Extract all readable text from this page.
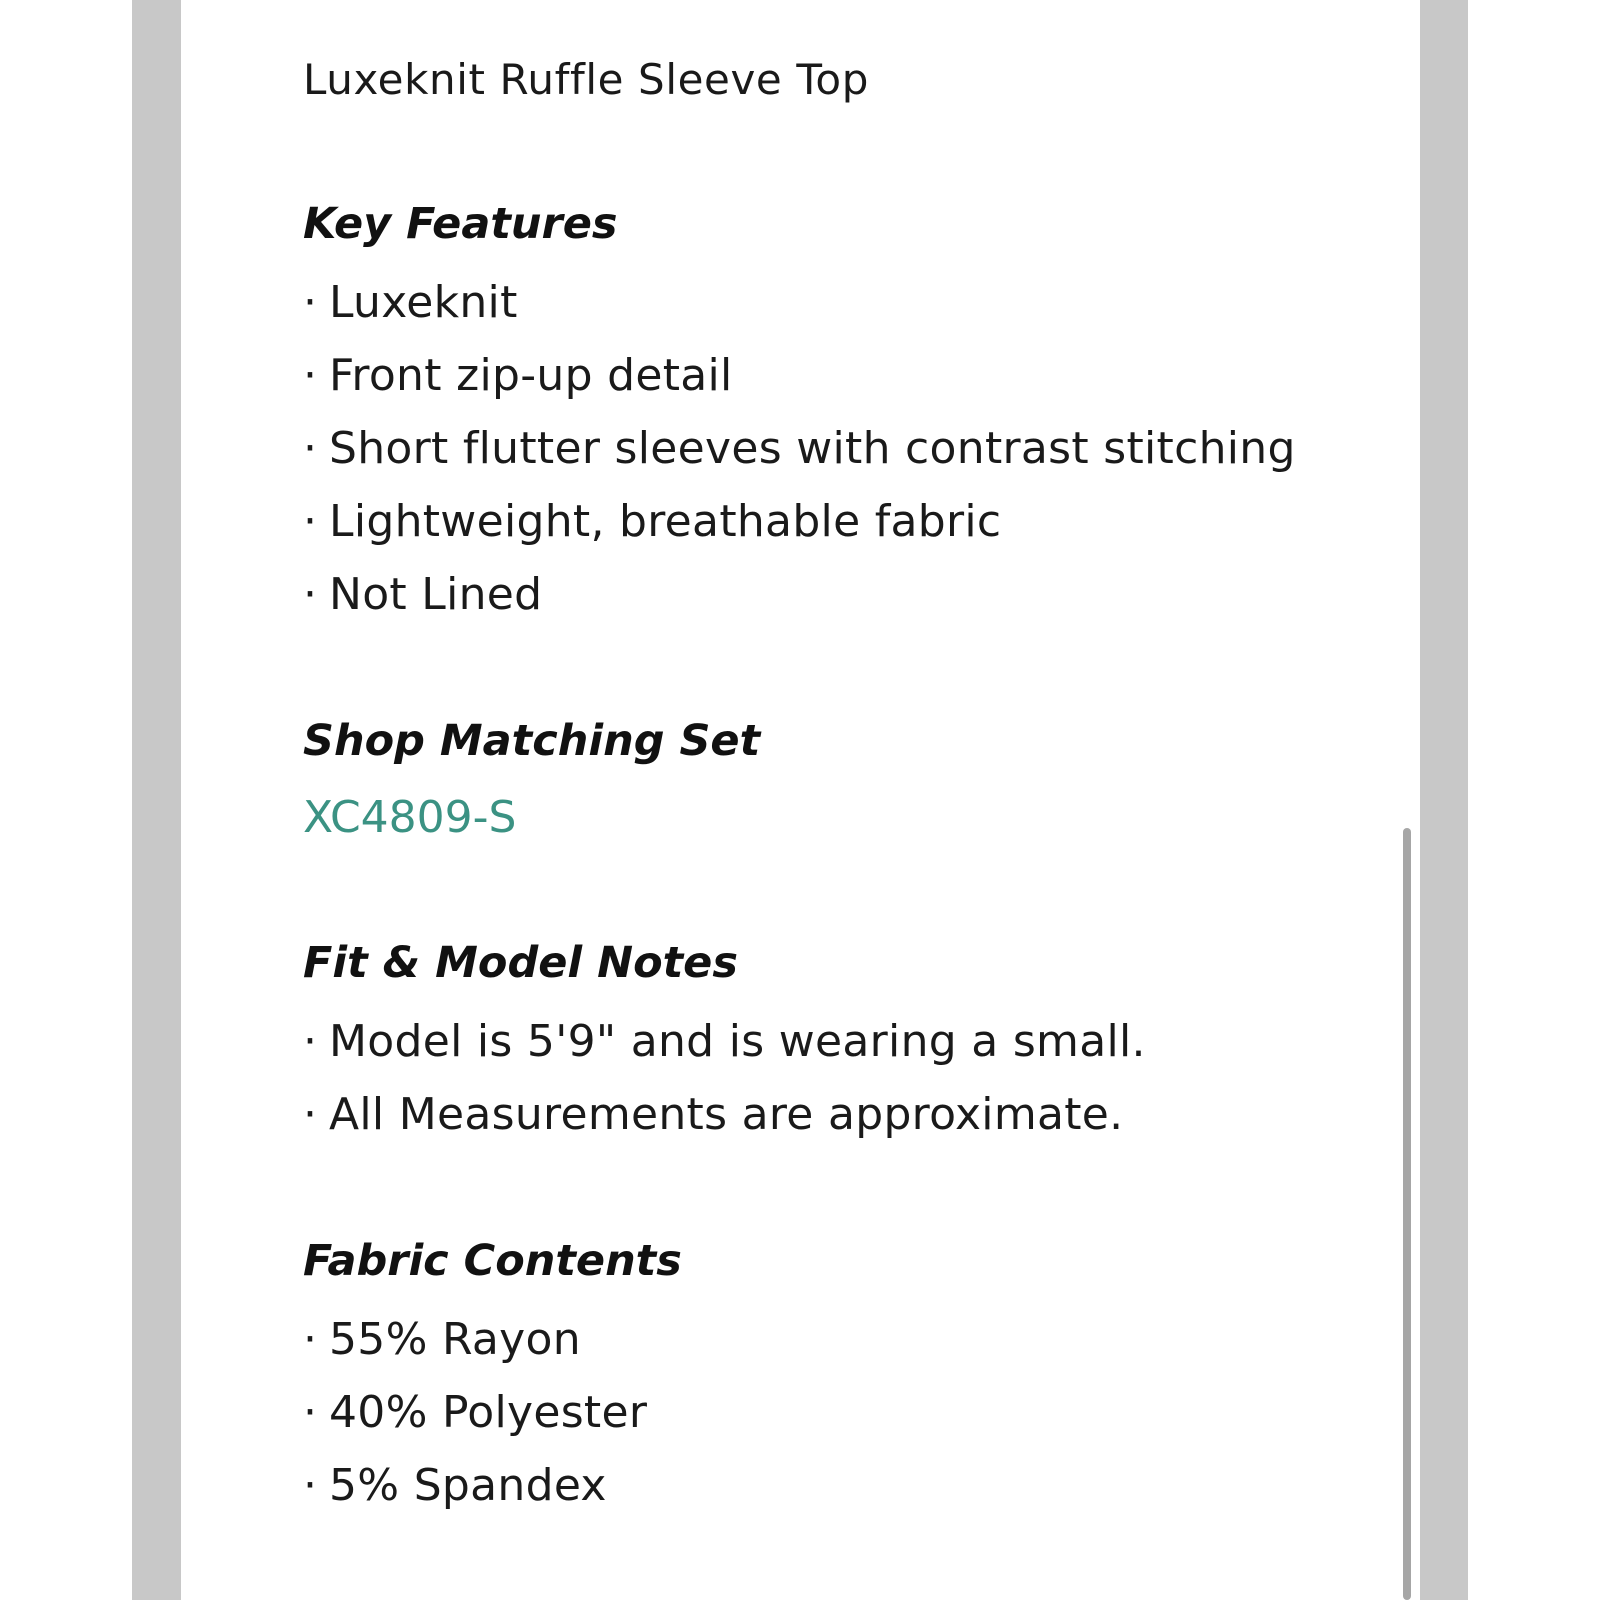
Luxeknit Ruffle Sleeve Top
Key Features
· Luxeknit
· Front zip-up detail
· Short flutter sleeves with contrast stitching
· Lightweight, breathable fabric
· Not Lined
Shop Matching Set
XC4809-S
Fit & Model Notes
· Model is 5'9" and is wearing a small.
· All Measurements are approximate.
Fabric Contents
· 55% Rayon
· 40% Polyester
· 5% Spandex
